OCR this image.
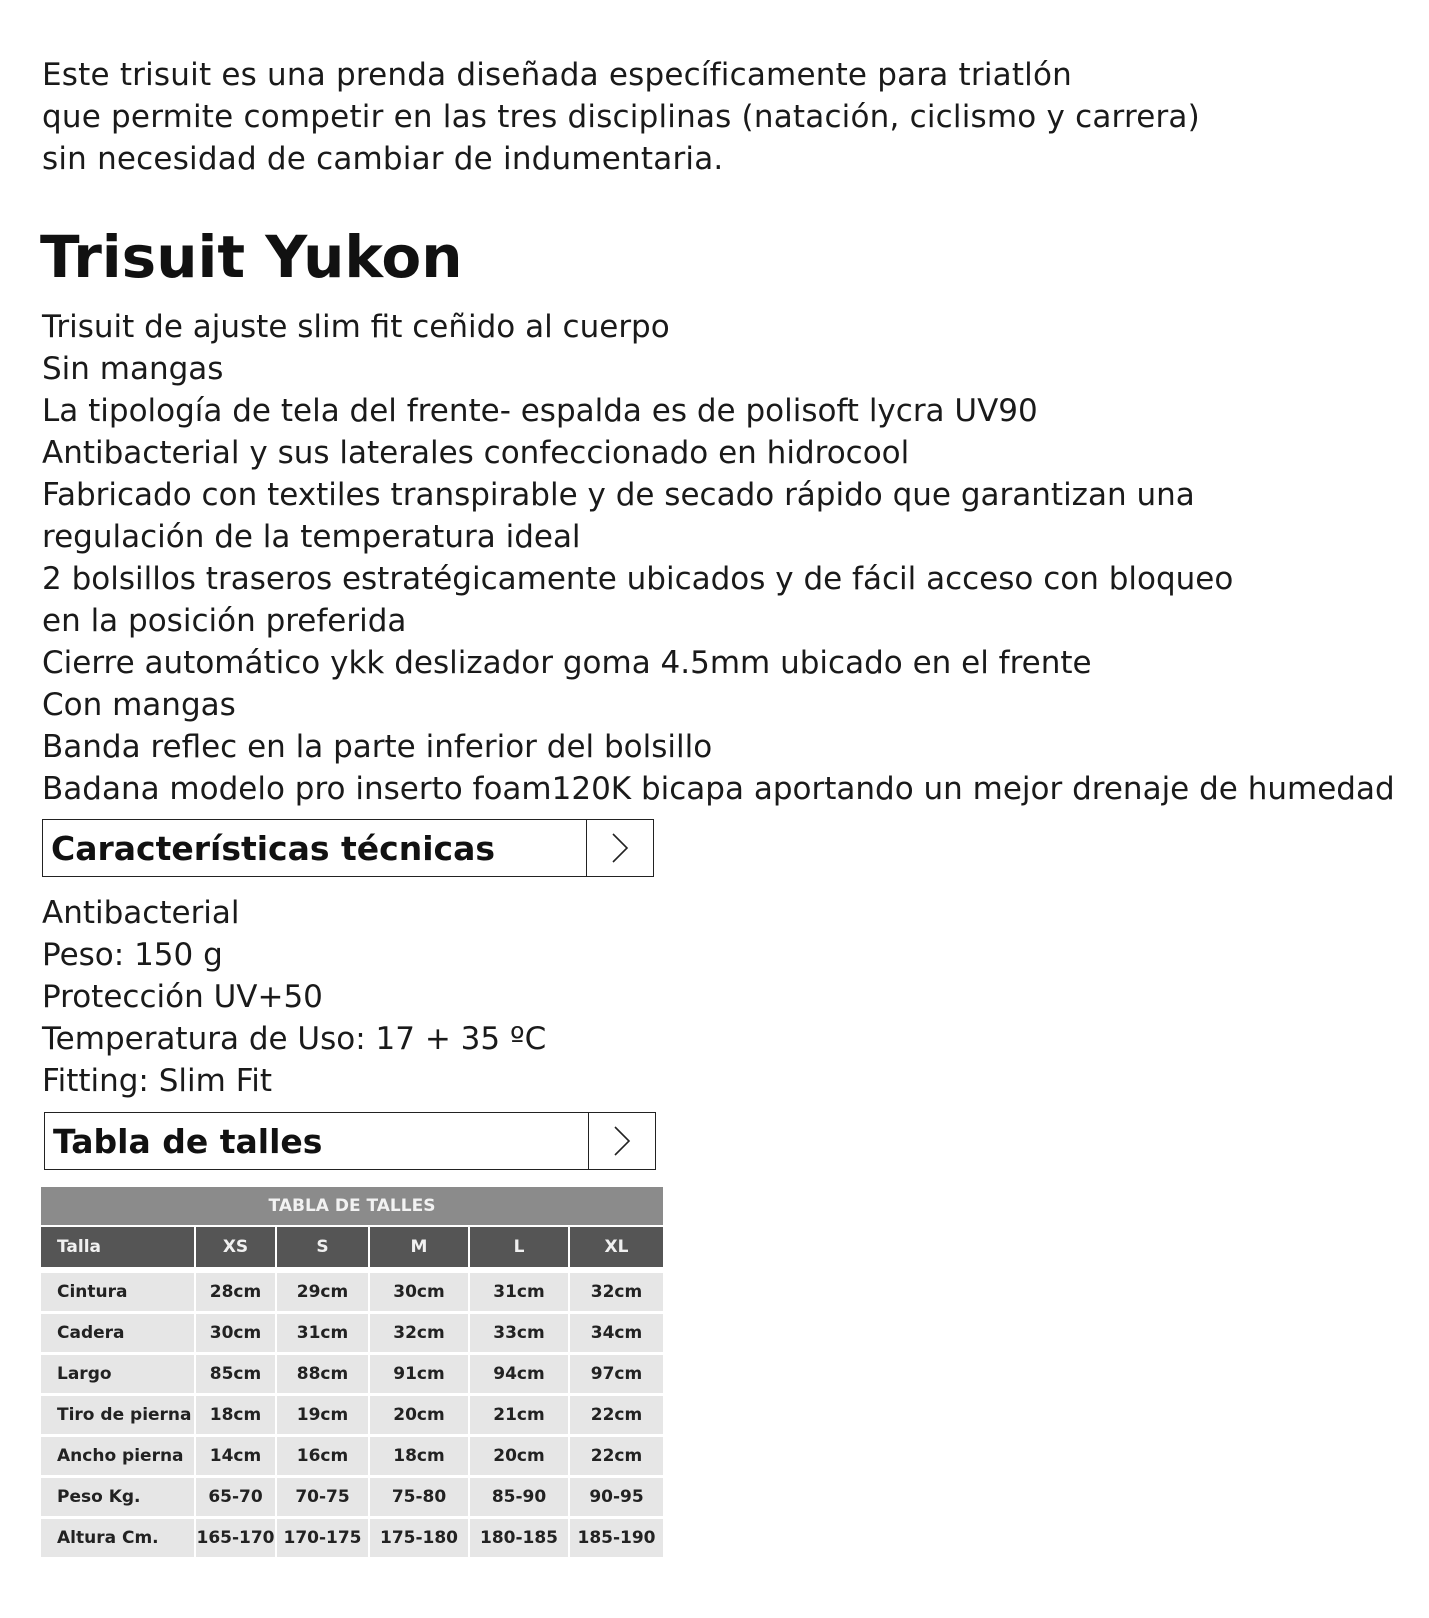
Este trisuit es una prenda diseñada específicamente para triatlón
que permite competir en las tres disciplinas (natación, ciclismo y carrera)
sin necesidad de cambiar de indumentaria.
Trisuit Yukon
Trisuit de ajuste slim fit ceñido al cuerpo
Sin mangas
La tipología de tela del frente- espalda es de polisoft lycra UV90
Antibacterial y sus laterales confeccionado en hidrocool
Fabricado con textiles transpirable y de secado rápido que garantizan una
regulación de la temperatura ideal
2 bolsillos traseros estratégicamente ubicados y de fácil acceso con bloqueo
en la posición preferida
Cierre automático ykk deslizador goma 4.5mm ubicado en el frente
Con mangas
Banda reflec en la parte inferior del bolsillo
Badana modelo pro inserto foam120K bicapa aportando un mejor drenaje de humedad
Características técnicas
Antibacterial
Peso: 150 g
Protección UV+50
Temperatura de Uso: 17 + 35 ºC
Fitting: Slim Fit
Tabla de talles
TABLA DE TALLES					
Talla	XS	S	M	L	XL

Cintura	28cm	29cm	30cm	31cm	32cm
Cadera	30cm	31cm	32cm	33cm	34cm
Largo	85cm	88cm	91cm	94cm	97cm
Tiro de pierna	18cm	19cm	20cm	21cm	22cm
Ancho pierna	14cm	16cm	18cm	20cm	22cm
Peso Kg.	65-70	70-75	75-80	85-90	90-95
Altura Cm.	165-170	170-175	175-180	180-185	185-190
